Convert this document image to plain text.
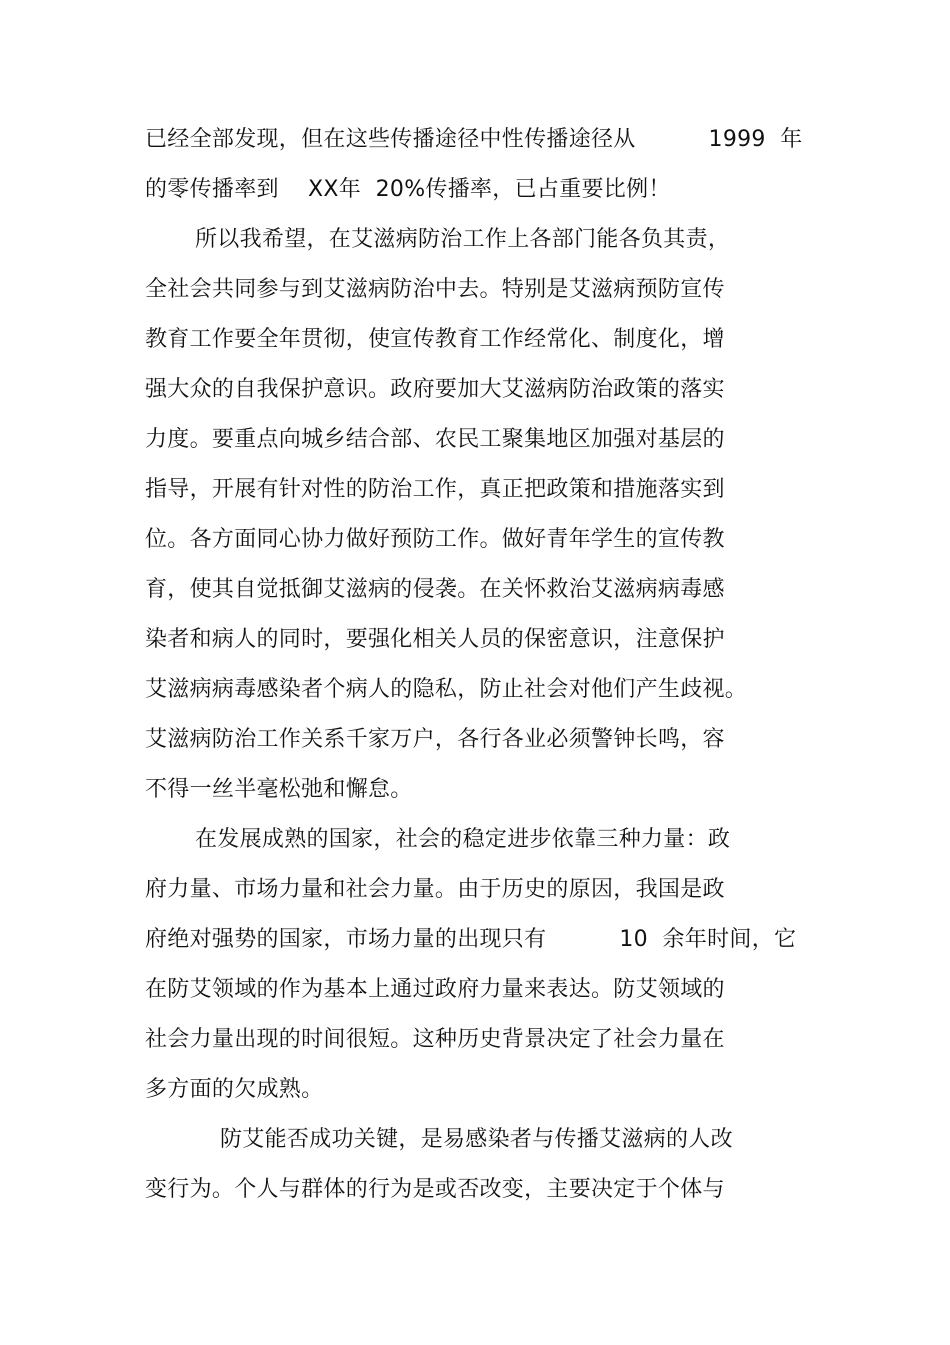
已经全部发现，但在这些传播途径中性传播途径从          1999  年
的零传播率到    XX年  20%传播率，已占重要比例！
所以我希望，在艾滋病防治工作上各部门能各负其责，
全社会共同参与到艾滋病防治中去。特别是艾滋病预防宣传
教育工作要全年贯彻，使宣传教育工作经常化、制度化，增
强大众的自我保护意识。政府要加大艾滋病防治政策的落实
力度。要重点向城乡结合部、农民工聚集地区加强对基层的
指导，开展有针对性的防治工作，真正把政策和措施落实到
位。各方面同心协力做好预防工作。做好青年学生的宣传教
育，使其自觉抵御艾滋病的侵袭。在关怀救治艾滋病病毒感
染者和病人的同时，要强化相关人员的保密意识，注意保护
艾滋病病毒感染者个病人的隐私，防止社会对他们产生歧视。
艾滋病防治工作关系千家万户，各行各业必须警钟长鸣，容
不得一丝半毫松弛和懈怠。
在发展成熟的国家，社会的稳定进步依靠三种力量：政
府力量、市场力量和社会力量。由于历史的原因，我国是政
府绝对强势的国家，市场力量的出现只有          10  余年时间，它
在防艾领域的作为基本上通过政府力量来表达。防艾领域的
社会力量出现的时间很短。这种历史背景决定了社会力量在
多方面的欠成熟。
防艾能否成功关键，是易感染者与传播艾滋病的人改
变行为。个人与群体的行为是或否改变，主要决定于个体与
